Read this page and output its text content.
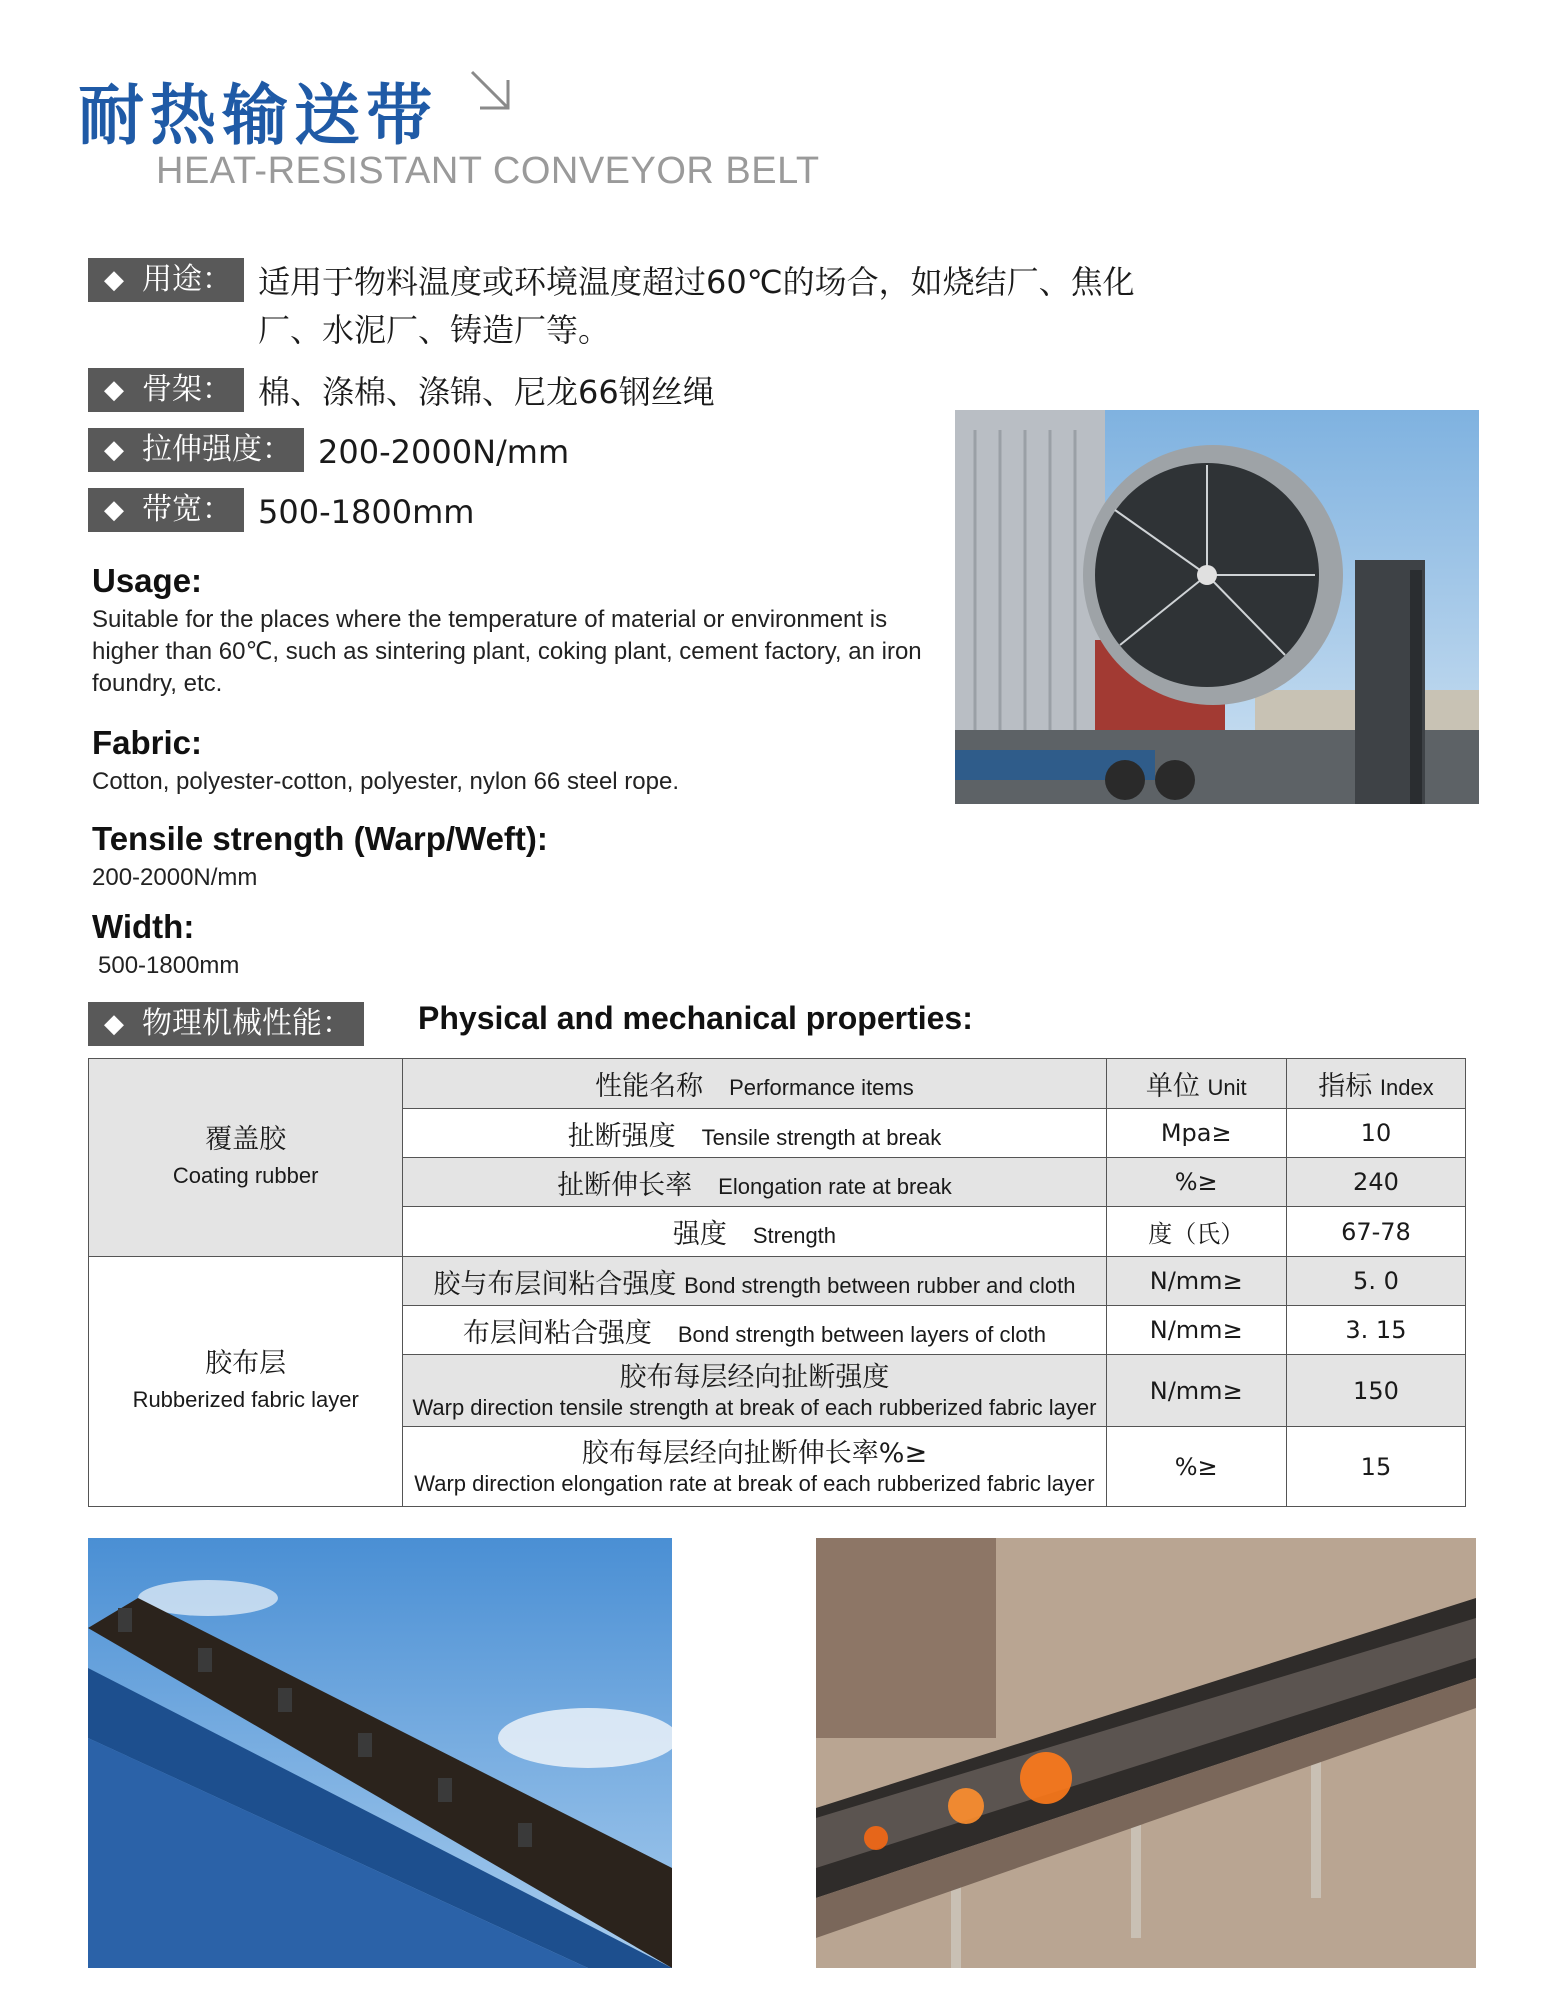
耐热输送带
HEAT-RESISTANT CONVEYOR BELT
◆ 用途： 适用于物料温度或环境温度超过60℃的场合，如烧结厂、焦化厂、水泥厂、铸造厂等。
◆ 骨架： 棉、涤棉、涤锦、尼龙66钢丝绳
◆ 拉伸强度： 200-2000N/mm
◆ 带宽： 500-1800mm

Usage:

Suitable for the places where the temperature of material or environment is higher than 60℃, such as sintering plant, coking plant, cement factory, an iron foundry, etc.

Fabric:

Cotton, polyester-cotton, polyester, nylon 66 steel rope.

Tensile strength (Warp/Weft):

200-2000N/mm

Width:

500-1800mm

◆ 物理机械性能： Physical and mechanical properties:
覆盖胶
Coating rubber	性能名称 Performance items	单位 Unit	指标 Index
	扯断强度 Tensile strength at break	Mpa≥	10
	扯断伸长率 Elongation rate at break	%≥	240
	强度 Strength	度（氏）	67-78

胶布层
Rubberized fabric layer	胶与布层间粘合强度 Bond strength between rubber and cloth	N/mm≥	5. 0
	布层间粘合强度 Bond strength between layers of cloth	N/mm≥	3. 15

	胶布每层经向扯断强度
Warp direction tensile strength at break of each rubberized fabric layer	N/mm≥	150

	胶布每层经向扯断伸长率%≥
Warp direction elongation rate at break of each rubberized fabric layer	%≥	15
